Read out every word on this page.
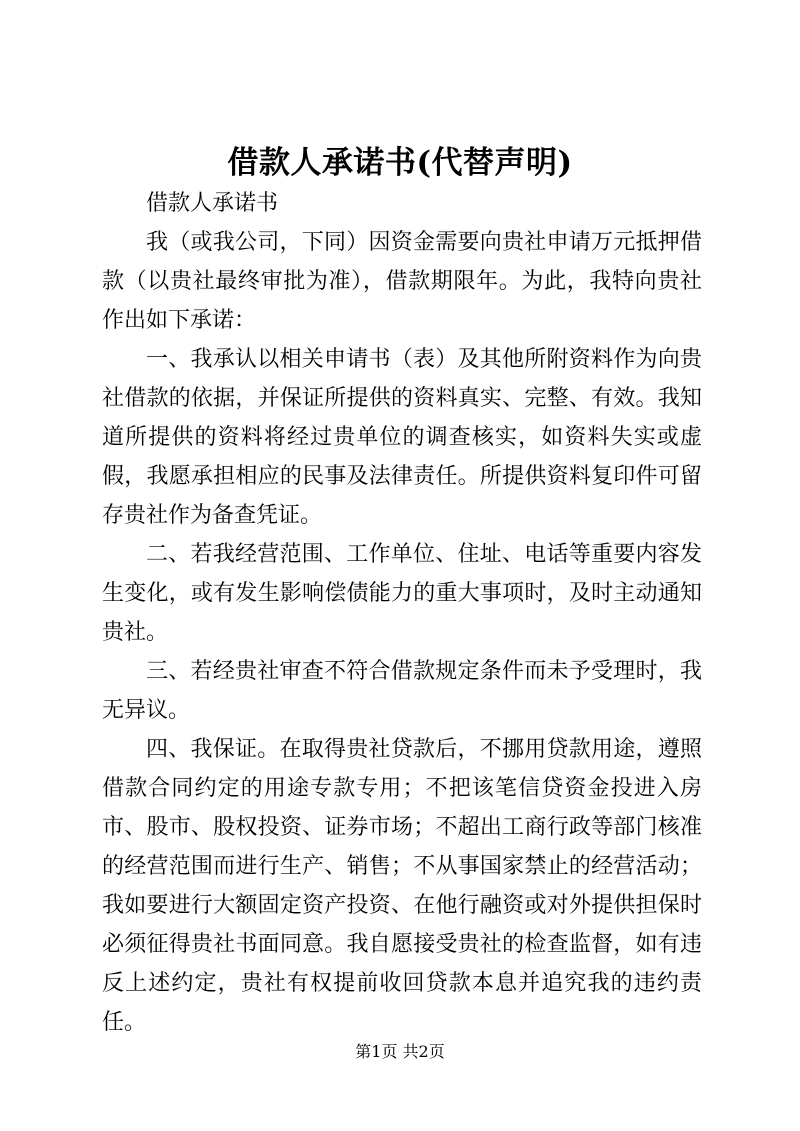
借款人承诺书(代替声明)

借款人承诺书

我（或我公司，下同）因资金需要向贵社申请万元抵押借款（以贵社最终审批为准），借款期限年。为此，我特向贵社作出如下承诺：

一、我承认以相关申请书（表）及其他所附资料作为向贵社借款的依据，并保证所提供的资料真实、完整、有效。我知道所提供的资料将经过贵单位的调查核实，如资料失实或虚假，我愿承担相应的民事及法律责任。所提供资料复印件可留存贵社作为备查凭证。

二、若我经营范围、工作单位、住址、电话等重要内容发生变化，或有发生影响偿债能力的重大事项时，及时主动通知贵社。

三、若经贵社审查不符合借款规定条件而未予受理时，我无异议。

四、我保证。在取得贵社贷款后，不挪用贷款用途，遵照借款合同约定的用途专款专用；不把该笔信贷资金投进入房市、股市、股权投资、证券市场；不超出工商行政等部门核准的经营范围而进行生产、销售；不从事国家禁止的经营活动；我如要进行大额固定资产投资、在他行融资或对外提供担保时必须征得贵社书面同意。我自愿接受贵社的检查监督，如有违反上述约定，贵社有权提前收回贷款本息并追究我的违约责任。

第1页 共2页
